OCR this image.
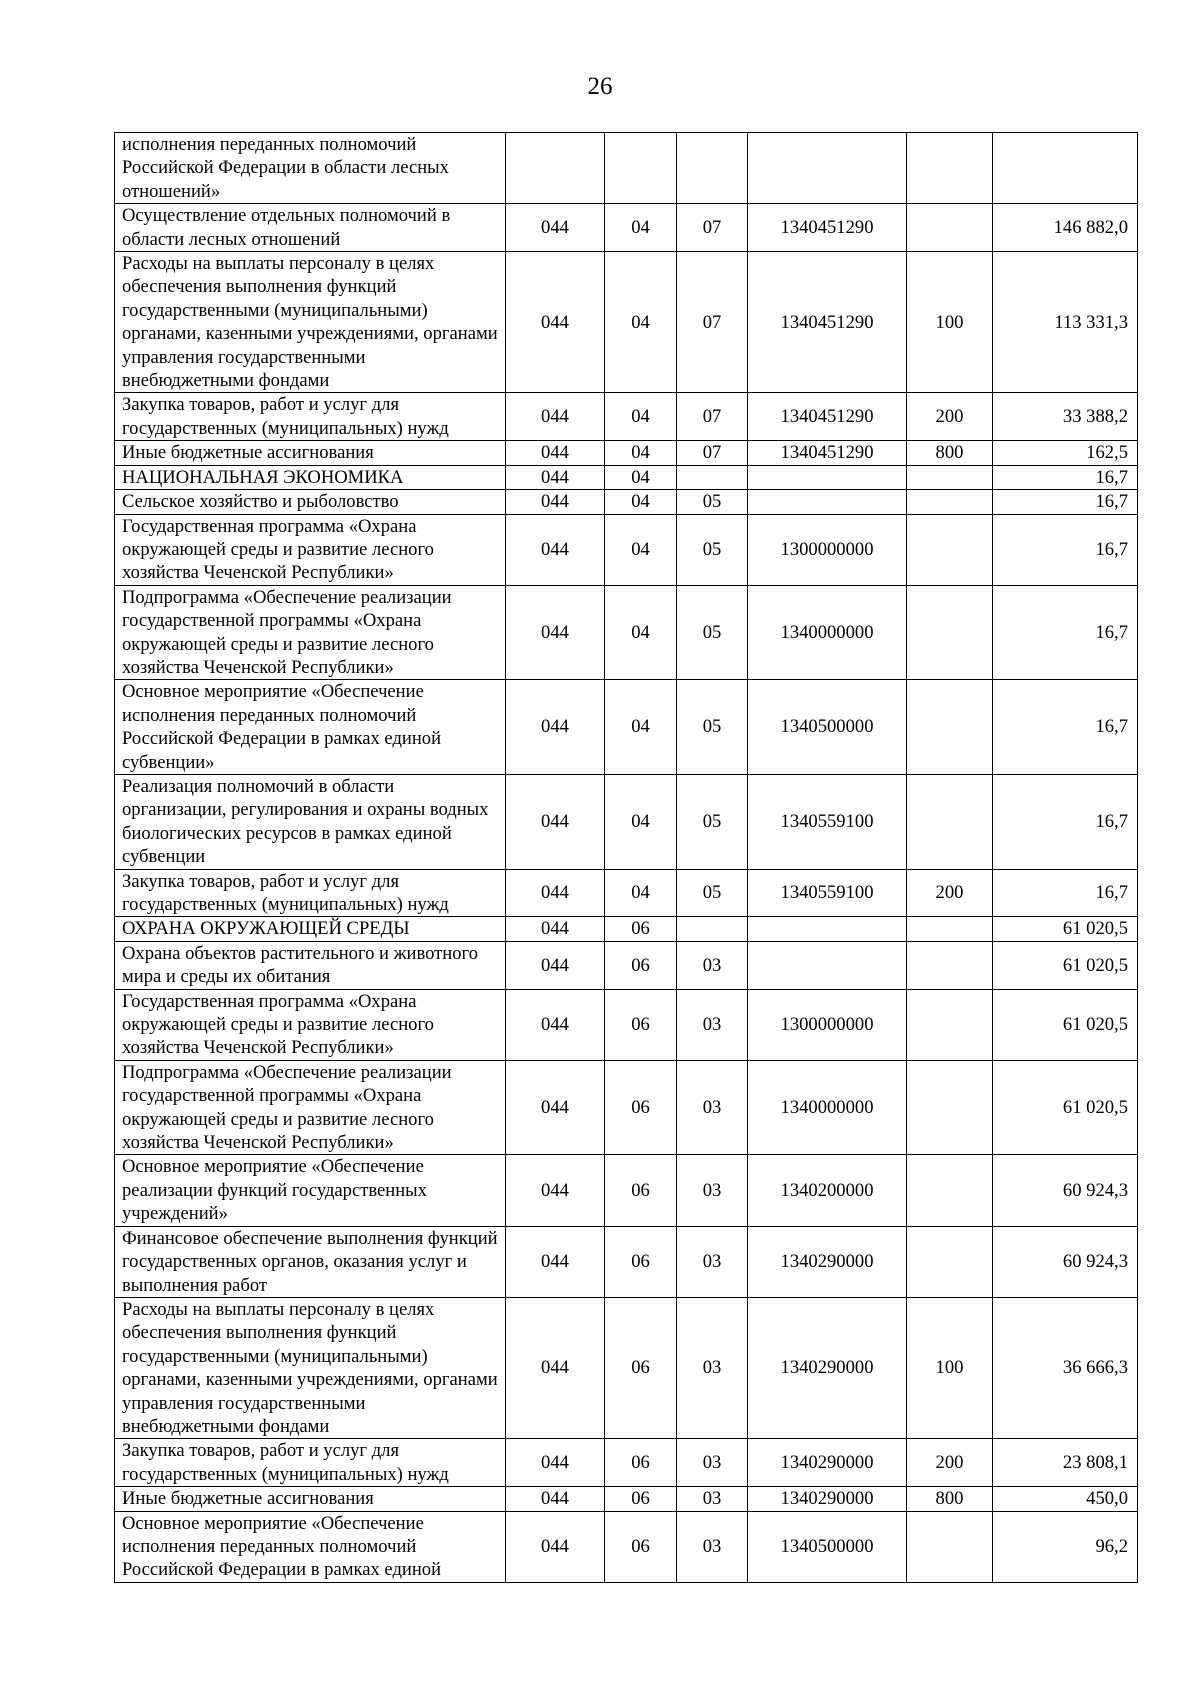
26
исполнения переданных полномочий Российской Федерации в области лесных отношений»						
Осуществление отдельных полномочий в области лесных отношений	044	04	07	1340451290		146 882,0
Расходы на выплаты персоналу в целях обеспечения выполнения функций государственными (муниципальными) органами, казенными учреждениями, органами управления государственными внебюджетными фондами	044	04	07	1340451290	100	113 331,3
Закупка товаров, работ и услуг для государственных (муниципальных) нужд	044	04	07	1340451290	200	33 388,2
Иные бюджетные ассигнования	044	04	07	1340451290	800	162,5
НАЦИОНАЛЬНАЯ ЭКОНОМИКА	044	04				16,7
Сельское хозяйство и рыболовство	044	04	05			16,7
Государственная программа «Охрана окружающей среды и развитие лесного хозяйства Чеченской Республики»	044	04	05	1300000000		16,7
Подпрограмма «Обеспечение реализации государственной программы «Охрана окружающей среды и развитие лесного хозяйства Чеченской Республики»	044	04	05	1340000000		16,7
Основное мероприятие «Обеспечение исполнения переданных полномочий Российской Федерации в рамках единой субвенции»	044	04	05	1340500000		16,7
Реализация полномочий в области организации, регулирования и охраны водных биологических ресурсов в рамках единой субвенции	044	04	05	1340559100		16,7
Закупка товаров, работ и услуг для государственных (муниципальных) нужд	044	04	05	1340559100	200	16,7
ОХРАНА ОКРУЖАЮЩЕЙ СРЕДЫ	044	06				61 020,5
Охрана объектов растительного и животного мира и среды их обитания	044	06	03			61 020,5
Государственная программа «Охрана окружающей среды и развитие лесного хозяйства Чеченской Республики»	044	06	03	1300000000		61 020,5
Подпрограмма «Обеспечение реализации государственной программы «Охрана окружающей среды и развитие лесного хозяйства Чеченской Республики»	044	06	03	1340000000		61 020,5
Основное мероприятие «Обеспечение реализации функций государственных учреждений»	044	06	03	1340200000		60 924,3
Финансовое обеспечение выполнения функций государственных органов, оказания услуг и выполнения работ	044	06	03	1340290000		60 924,3
Расходы на выплаты персоналу в целях обеспечения выполнения функций государственными (муниципальными) органами, казенными учреждениями, органами управления государственными внебюджетными фондами	044	06	03	1340290000	100	36 666,3
Закупка товаров, работ и услуг для государственных (муниципальных) нужд	044	06	03	1340290000	200	23 808,1
Иные бюджетные ассигнования	044	06	03	1340290000	800	450,0
Основное мероприятие «Обеспечение исполнения переданных полномочий Российской Федерации в рамках единой	044	06	03	1340500000		96,2
